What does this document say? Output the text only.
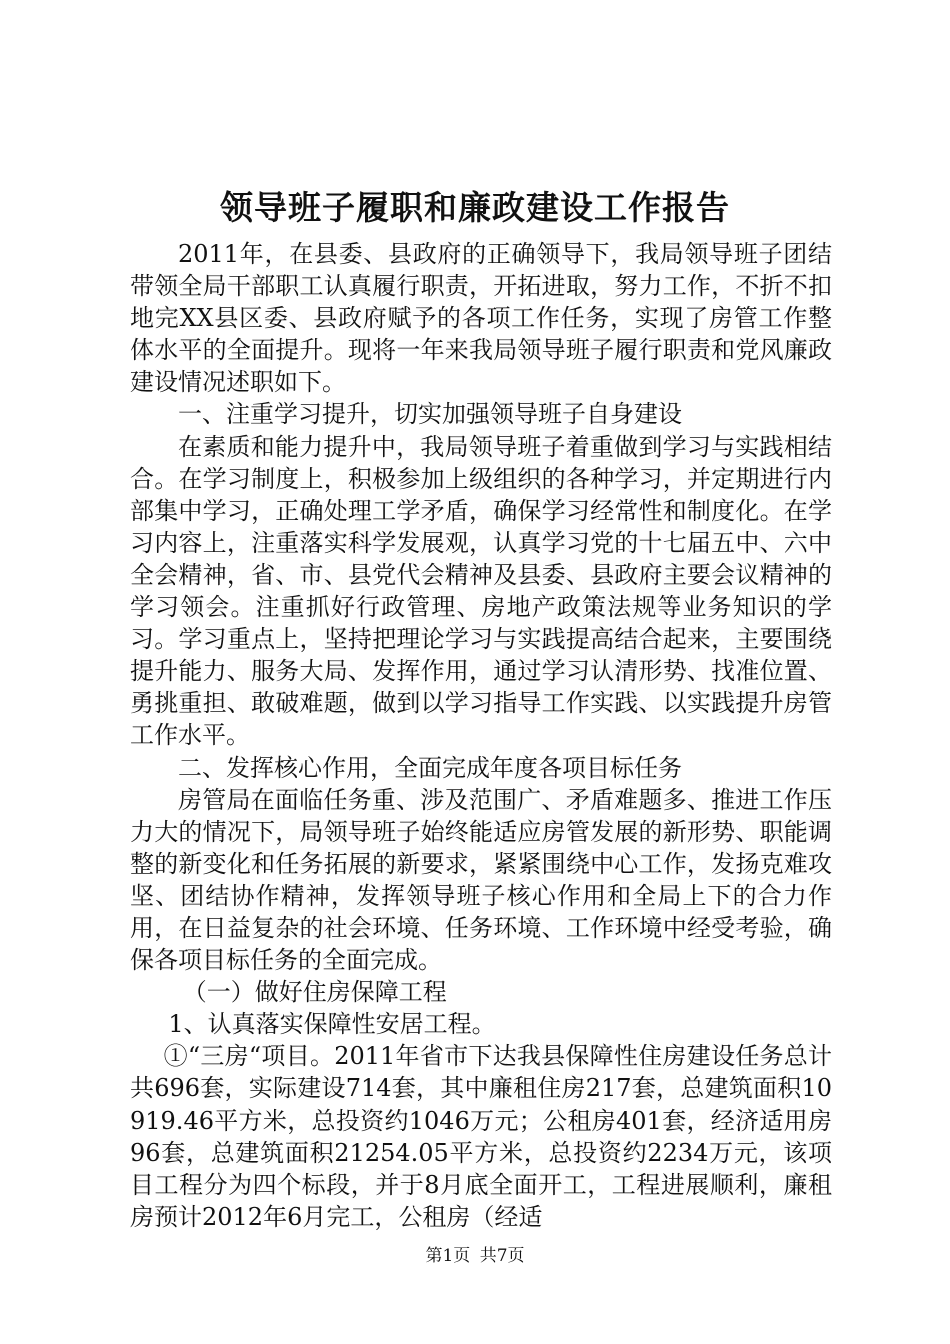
领导班子履职和廉政建设工作报告

2011年，在县委、县政府的正确领导下，我局领导班子团结带领全局干部职工认真履行职责，开拓进取，努力工作，不折不扣地完XX县区委、县政府赋予的各项工作任务，实现了房管工作整体水平的全面提升。现将一年来我局领导班子履行职责和党风廉政建设情况述职如下。

一、注重学习提升，切实加强领导班子自身建设

在素质和能力提升中，我局领导班子着重做到学习与实践相结合。在学习制度上，积极参加上级组织的各种学习，并定期进行内部集中学习，正确处理工学矛盾，确保学习经常性和制度化。在学习内容上，注重落实科学发展观，认真学习党的十七届五中、六中全会精神，省、市、县党代会精神及县委、县政府主要会议精神的学习领会。注重抓好行政管理、房地产政策法规等业务知识的学习。学习重点上，坚持把理论学习与实践提高结合起来，主要围绕提升能力、服务大局、发挥作用，通过学习认清形势、找准位置、勇挑重担、敢破难题，做到以学习指导工作实践、以实践提升房管工作水平。

二、发挥核心作用，全面完成年度各项目标任务

房管局在面临任务重、涉及范围广、矛盾难题多、推进工作压力大的情况下，局领导班子始终能适应房管发展的新形势、职能调整的新变化和任务拓展的新要求，紧紧围绕中心工作，发扬克难攻坚、团结协作精神，发挥领导班子核心作用和全局上下的合力作用，在日益复杂的社会环境、任务环境、工作环境中经受考验，确保各项目标任务的全面完成。

（一）做好住房保障工程

1、认真落实保障性安居工程。

①“三房“项目。2011年省市下达我县保障性住房建设任务总计共696套，实际建设714套，其中廉租住房217套，总建筑面积10919.46平方米，总投资约1046万元；公租房401套，经济适用房96套，总建筑面积21254.05平方米，总投资约2234万元，该项目工程分为四个标段，并于8月底全面开工，工程进展顺利，廉租房预计2012年6月完工，公租房（经适

第1页 共7页
